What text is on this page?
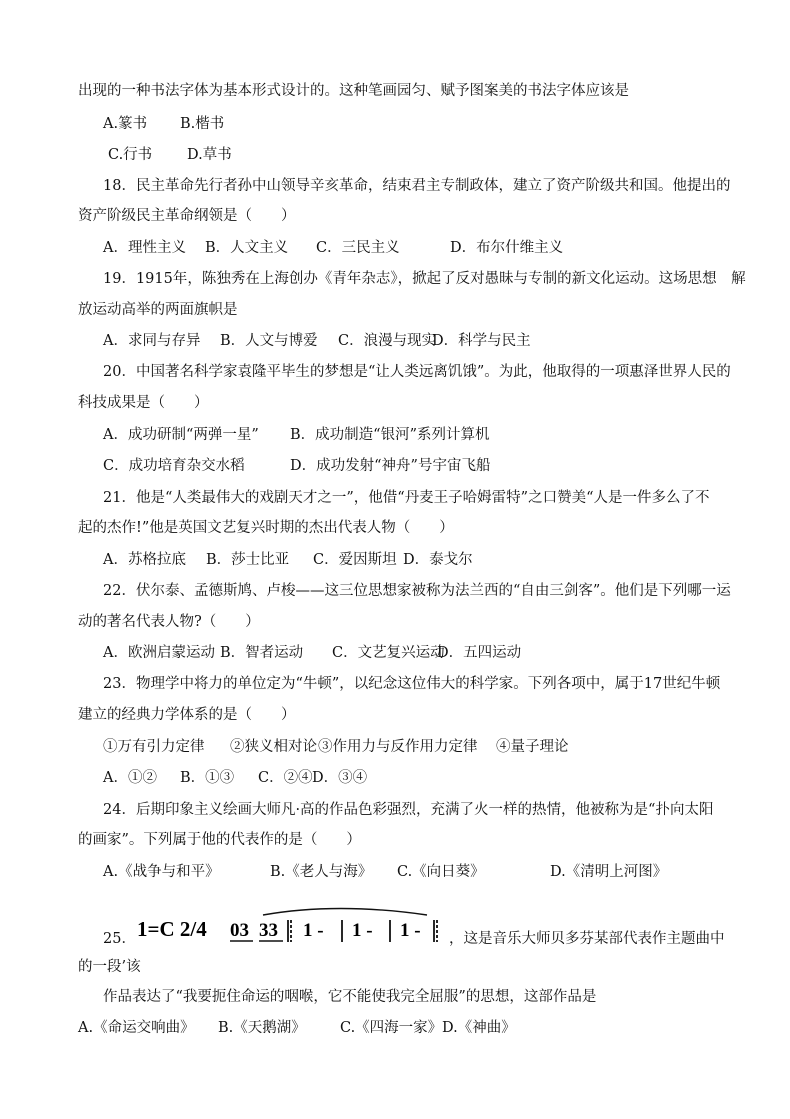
出现的一种书法字体为基本形式设计的。这种笔画园匀、赋予图案美的书法字体应该是
A.篆书 B.楷书
C.行书 D.草书
18．民主革命先行者孙中山领导辛亥革命，结束君主专制政体，建立了资产阶级共和国。他提出的
资产阶级民主革命纲领是（　　）
A．理性主义 B．人文主义 C．三民主义	D．布尔什维主义
19．1915年，陈独秀在上海创办《青年杂志》，掀起了反对愚昧与专制的新文化运动。这场思想　解
放运动高举的两面旗帜是
A．求同与存异 B．人文与博爱 C．浪漫与现实
D．科学与民主
20．中国著名科学家袁隆平毕生的梦想是“让人类远离饥饿”。为此，他取得的一项惠泽世界人民的
科技成果是（　　）
A．成功研制“两弹一星” B．成功制造“银河”系列计算机
C．成功培育杂交水稻	D．成功发射“神舟”号宇宙飞船
21．他是“人类最伟大的戏剧天才之一”，他借“丹麦王子哈姆雷特”之口赞美“人是一件多么了不
起的杰作!”他是英国文艺复兴时期的杰出代表人物（　　）
A．苏格拉底 B．莎士比亚 C．爱因斯坦 D．泰戈尔
22．伏尔泰、孟德斯鸠、卢梭——这三位思想家被称为法兰西的“自由三剑客”。他们是下列哪一运
动的著名代表人物?（　　）
A．欧洲启蒙运动 B．智者运动 C．文艺复兴运动
D．五四运动
23．物理学中将力的单位定为“牛顿”，以纪念这位伟大的科学家。下列各项中，属于17世纪牛顿
建立的经典力学体系的是（　　）
①万有引力定律 ②狭义相对论 ③作用力与反作用力定律 ④量子理论
A．①② B．①③ C．②④ D．③④
24．后期印象主义绘画大师凡·高的作品色彩强烈，充满了火一样的热情，他被称为是“扑向太阳
的画家”。下列属于他的代表作的是（　　）
A.《战争与和平》	B.《老人与海》 C.《向日葵》	D.《清明上河图》
25． 1=C 2/4 03 33 1 - 1 - 1 - ，这是音乐大师贝多芬某部代表作主题曲中
的一段’该
作品表达了“我要扼住命运的咽喉，它不能使我完全屈服”的思想，这部作品是
A.《命运交响曲》 B.《天鹅湖》 C.《四海一家》 D.《神曲》
